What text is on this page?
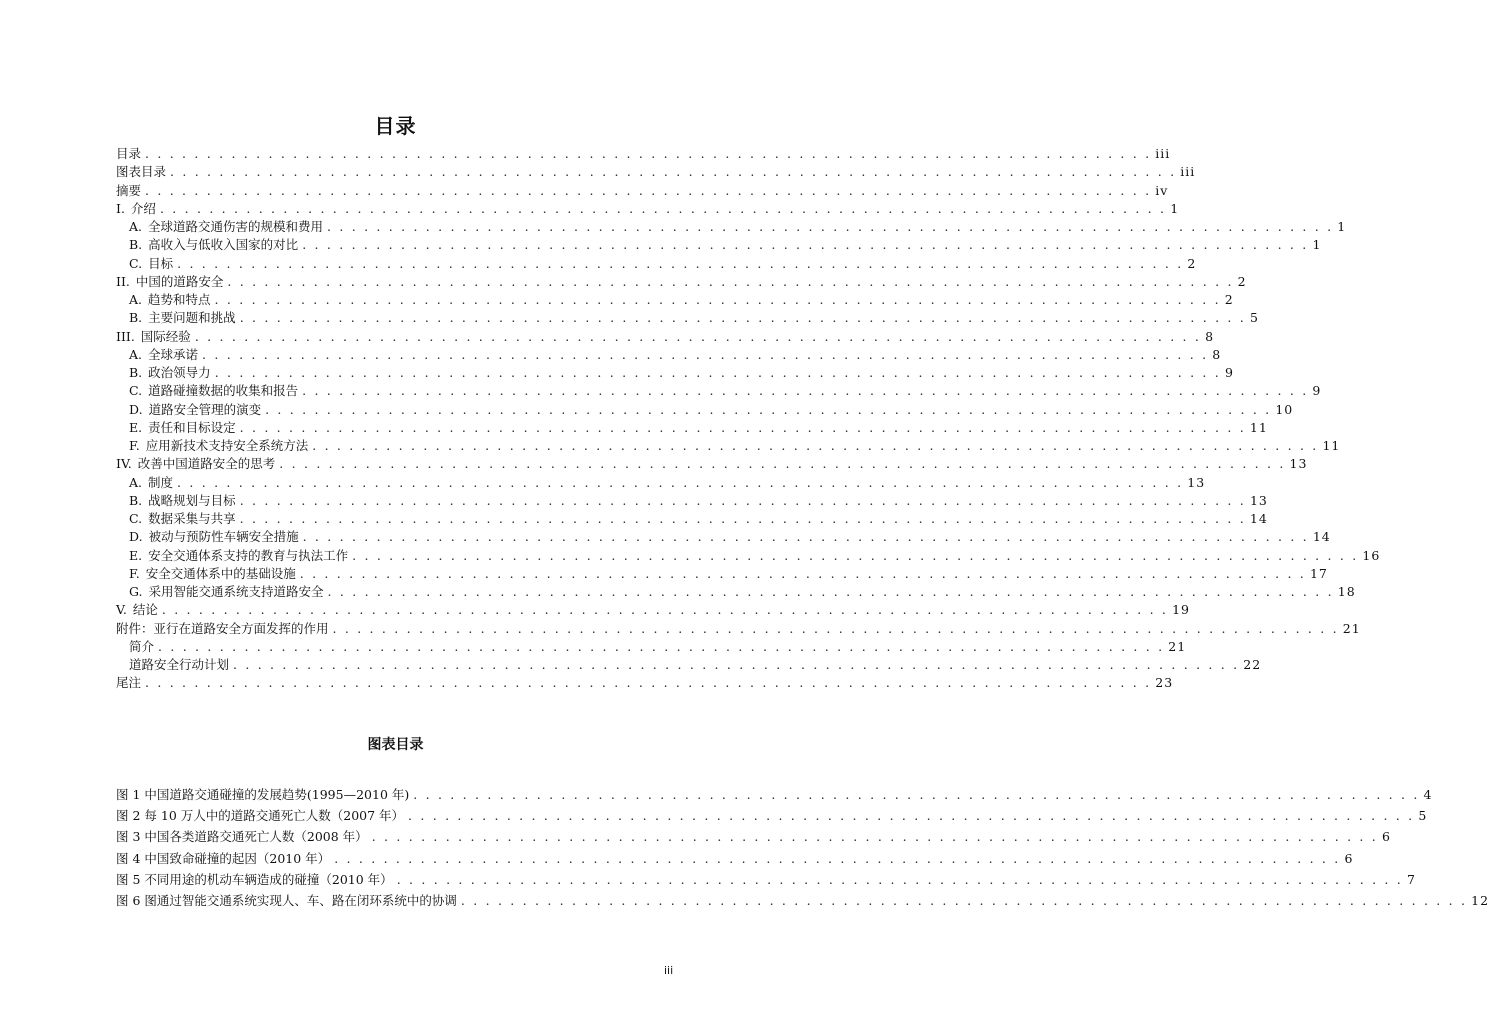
目录
目录 . . . . . . . . . . . . . . . . . . . . . . . . . . . . . . . . . . . . . . . . . . . . . . . . . . . . . . . . . . . . . . . . . . . . . . . . . . . . . . . . . . iii
图表目录 . . . . . . . . . . . . . . . . . . . . . . . . . . . . . . . . . . . . . . . . . . . . . . . . . . . . . . . . . . . . . . . . . . . . . . . . . . . . . . . . . . iii
摘要 . . . . . . . . . . . . . . . . . . . . . . . . . . . . . . . . . . . . . . . . . . . . . . . . . . . . . . . . . . . . . . . . . . . . . . . . . . . . . . . . . . iv
I. 介绍 . . . . . . . . . . . . . . . . . . . . . . . . . . . . . . . . . . . . . . . . . . . . . . . . . . . . . . . . . . . . . . . . . . . . . . . . . . . . . . . . . . 1
A. 全球道路交通伤害的规模和费用 . . . . . . . . . . . . . . . . . . . . . . . . . . . . . . . . . . . . . . . . . . . . . . . . . . . . . . . . . . . . . . . . . . . . . . . . . . . . . . . . . . 1
B. 高收入与低收入国家的对比 . . . . . . . . . . . . . . . . . . . . . . . . . . . . . . . . . . . . . . . . . . . . . . . . . . . . . . . . . . . . . . . . . . . . . . . . . . . . . . . . . . 1
C. 目标 . . . . . . . . . . . . . . . . . . . . . . . . . . . . . . . . . . . . . . . . . . . . . . . . . . . . . . . . . . . . . . . . . . . . . . . . . . . . . . . . . . 2
II. 中国的道路安全 . . . . . . . . . . . . . . . . . . . . . . . . . . . . . . . . . . . . . . . . . . . . . . . . . . . . . . . . . . . . . . . . . . . . . . . . . . . . . . . . . . 2
A. 趋势和特点 . . . . . . . . . . . . . . . . . . . . . . . . . . . . . . . . . . . . . . . . . . . . . . . . . . . . . . . . . . . . . . . . . . . . . . . . . . . . . . . . . . 2
B. 主要问题和挑战 . . . . . . . . . . . . . . . . . . . . . . . . . . . . . . . . . . . . . . . . . . . . . . . . . . . . . . . . . . . . . . . . . . . . . . . . . . . . . . . . . . 5
III. 国际经验 . . . . . . . . . . . . . . . . . . . . . . . . . . . . . . . . . . . . . . . . . . . . . . . . . . . . . . . . . . . . . . . . . . . . . . . . . . . . . . . . . . 8
A. 全球承诺 . . . . . . . . . . . . . . . . . . . . . . . . . . . . . . . . . . . . . . . . . . . . . . . . . . . . . . . . . . . . . . . . . . . . . . . . . . . . . . . . . . 8
B. 政治领导力 . . . . . . . . . . . . . . . . . . . . . . . . . . . . . . . . . . . . . . . . . . . . . . . . . . . . . . . . . . . . . . . . . . . . . . . . . . . . . . . . . . 9
C. 道路碰撞数据的收集和报告 . . . . . . . . . . . . . . . . . . . . . . . . . . . . . . . . . . . . . . . . . . . . . . . . . . . . . . . . . . . . . . . . . . . . . . . . . . . . . . . . . . 9
D. 道路安全管理的演变 . . . . . . . . . . . . . . . . . . . . . . . . . . . . . . . . . . . . . . . . . . . . . . . . . . . . . . . . . . . . . . . . . . . . . . . . . . . . . . . . . . 10
E. 责任和目标设定 . . . . . . . . . . . . . . . . . . . . . . . . . . . . . . . . . . . . . . . . . . . . . . . . . . . . . . . . . . . . . . . . . . . . . . . . . . . . . . . . . . 11
F. 应用新技术支持安全系统方法 . . . . . . . . . . . . . . . . . . . . . . . . . . . . . . . . . . . . . . . . . . . . . . . . . . . . . . . . . . . . . . . . . . . . . . . . . . . . . . . . . . 11
IV. 改善中国道路安全的思考 . . . . . . . . . . . . . . . . . . . . . . . . . . . . . . . . . . . . . . . . . . . . . . . . . . . . . . . . . . . . . . . . . . . . . . . . . . . . . . . . . . 13
A. 制度 . . . . . . . . . . . . . . . . . . . . . . . . . . . . . . . . . . . . . . . . . . . . . . . . . . . . . . . . . . . . . . . . . . . . . . . . . . . . . . . . . . 13
B. 战略规划与目标 . . . . . . . . . . . . . . . . . . . . . . . . . . . . . . . . . . . . . . . . . . . . . . . . . . . . . . . . . . . . . . . . . . . . . . . . . . . . . . . . . . 13
C. 数据采集与共享 . . . . . . . . . . . . . . . . . . . . . . . . . . . . . . . . . . . . . . . . . . . . . . . . . . . . . . . . . . . . . . . . . . . . . . . . . . . . . . . . . . 14
D. 被动与预防性车辆安全措施 . . . . . . . . . . . . . . . . . . . . . . . . . . . . . . . . . . . . . . . . . . . . . . . . . . . . . . . . . . . . . . . . . . . . . . . . . . . . . . . . . . 14
E. 安全交通体系支持的教育与执法工作 . . . . . . . . . . . . . . . . . . . . . . . . . . . . . . . . . . . . . . . . . . . . . . . . . . . . . . . . . . . . . . . . . . . . . . . . . . . . . . . . . . 16
F. 安全交通体系中的基础设施 . . . . . . . . . . . . . . . . . . . . . . . . . . . . . . . . . . . . . . . . . . . . . . . . . . . . . . . . . . . . . . . . . . . . . . . . . . . . . . . . . . 17
G. 采用智能交通系统支持道路安全 . . . . . . . . . . . . . . . . . . . . . . . . . . . . . . . . . . . . . . . . . . . . . . . . . . . . . . . . . . . . . . . . . . . . . . . . . . . . . . . . . . 18
V. 结论 . . . . . . . . . . . . . . . . . . . . . . . . . . . . . . . . . . . . . . . . . . . . . . . . . . . . . . . . . . . . . . . . . . . . . . . . . . . . . . . . . . 19
附件：亚行在道路安全方面发挥的作用 . . . . . . . . . . . . . . . . . . . . . . . . . . . . . . . . . . . . . . . . . . . . . . . . . . . . . . . . . . . . . . . . . . . . . . . . . . . . . . . . . . 21
简介 . . . . . . . . . . . . . . . . . . . . . . . . . . . . . . . . . . . . . . . . . . . . . . . . . . . . . . . . . . . . . . . . . . . . . . . . . . . . . . . . . . 21
道路安全行动计划 . . . . . . . . . . . . . . . . . . . . . . . . . . . . . . . . . . . . . . . . . . . . . . . . . . . . . . . . . . . . . . . . . . . . . . . . . . . . . . . . . . 22
尾注 . . . . . . . . . . . . . . . . . . . . . . . . . . . . . . . . . . . . . . . . . . . . . . . . . . . . . . . . . . . . . . . . . . . . . . . . . . . . . . . . . . 23
图表目录
图 1 中国道路交通碰撞的发展趋势(1995—2010 年) . . . . . . . . . . . . . . . . . . . . . . . . . . . . . . . . . . . . . . . . . . . . . . . . . . . . . . . . . . . . . . . . . . . . . . . . . . . . . . . . . . 4
图 2 每 10 万人中的道路交通死亡人数（2007 年） . . . . . . . . . . . . . . . . . . . . . . . . . . . . . . . . . . . . . . . . . . . . . . . . . . . . . . . . . . . . . . . . . . . . . . . . . . . . . . . . . . 5
图 3 中国各类道路交通死亡人数（2008 年） . . . . . . . . . . . . . . . . . . . . . . . . . . . . . . . . . . . . . . . . . . . . . . . . . . . . . . . . . . . . . . . . . . . . . . . . . . . . . . . . . . 6
图 4 中国致命碰撞的起因（2010 年） . . . . . . . . . . . . . . . . . . . . . . . . . . . . . . . . . . . . . . . . . . . . . . . . . . . . . . . . . . . . . . . . . . . . . . . . . . . . . . . . . . 6
图 5 不同用途的机动车辆造成的碰撞（2010 年） . . . . . . . . . . . . . . . . . . . . . . . . . . . . . . . . . . . . . . . . . . . . . . . . . . . . . . . . . . . . . . . . . . . . . . . . . . . . . . . . . . 7
图 6 图通过智能交通系统实现人、车、路在闭环系统中的协调 . . . . . . . . . . . . . . . . . . . . . . . . . . . . . . . . . . . . . . . . . . . . . . . . . . . . . . . . . . . . . . . . . . . . . . . . . . . . . . . . . . 12
iii
